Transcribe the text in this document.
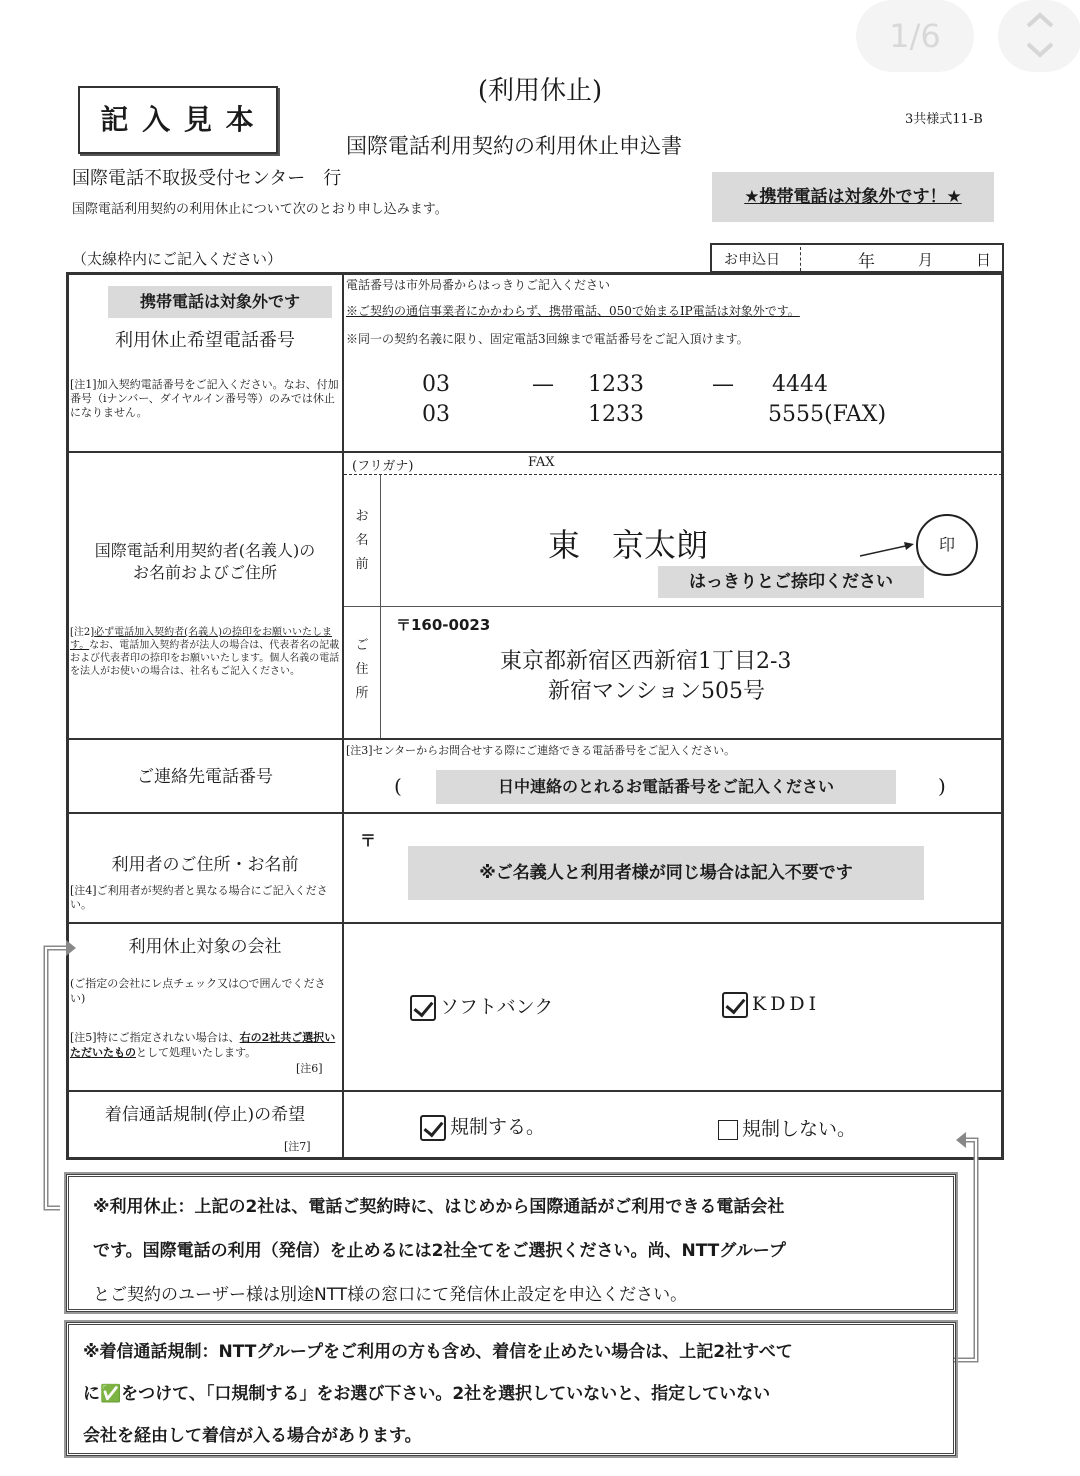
1/6
記 入 見 本
(利用休止)
3共様式11-B
国際電話利用契約の利用休止申込書
国際電話不取扱受付センター　行
国際電話利用契約の利用休止について次のとおり申し込みます。
★携帯電話は対象外です！★
（太線枠内にご記入ください）	お申込日	年	月	日
携帯電話は対象外です
利用休止希望電話番号
[注1]加入契約電話番号をご記入ください。なお、付加番号（iナンバー、ダイヤルイン番号等）のみでは休止になりません。
電話番号は市外局番からはっきりご記入ください
※ご契約の通信事業者にかかわらず、携帯電話、050で始まるIP電話は対象外です。
※同一の契約名義に限り、固定電話3回線まで電話番号をご記入頂けます。
03	— 1233	— 4444
03	1233	5555(FAX)
国際電話利用契約者(名義人)の
お名前およびご住所
[注2]必ず電話加入契約者(名義人)の捺印をお願いいたします。なお、電話加入契約者が法人の場合は、代表者名の記載および代表者印の捺印をお願いいたします。個人名義の電話を法人がお使いの場合は、社名もご記入ください。
(フリガナ)	FAX
お
名
前
東　京太朗	印
はっきりとご捺印ください
ご
住
所
〒160-0023
東京都新宿区西新宿1丁目2-3
新宿マンション505号
ご連絡先電話番号
[注3]センターからお問合せする際にご連絡できる電話番号をご記入ください。
(	日中連絡のとれるお電話番号をご記入ください	)
利用者のご住所・お名前
[注4]ご利用者が契約者と異なる場合にご記入ください。
〒
※ご名義人と利用者様が同じ場合は記入不要です
利用休止対象の会社
(ご指定の会社にレ点チェック又は○で囲んでください)
[注5]特にご指定されない場合は、右の2社共ご選択いただいたものとして処理いたします。
[注6]
ソフトバンク	KDDI
着信通話規制(停止)の希望
[注7]
規制する。	規制しない。
※利用休止：上記の2社は、電話ご契約時に、はじめから国際通話がご利用できる電話会社
です。国際電話の利用（発信）を止めるには2社全てをご選択ください。尚、NTTグループ
とご契約のユーザー様は別途NTT様の窓口にて発信休止設定を申込ください。
※着信通話規制：NTTグループをご利用の方も含め、着信を止めたい場合は、上記2社すべて
に✅をつけて、「口規制する」をお選び下さい。2社を選択していないと、指定していない
会社を経由して着信が入る場合があります。
